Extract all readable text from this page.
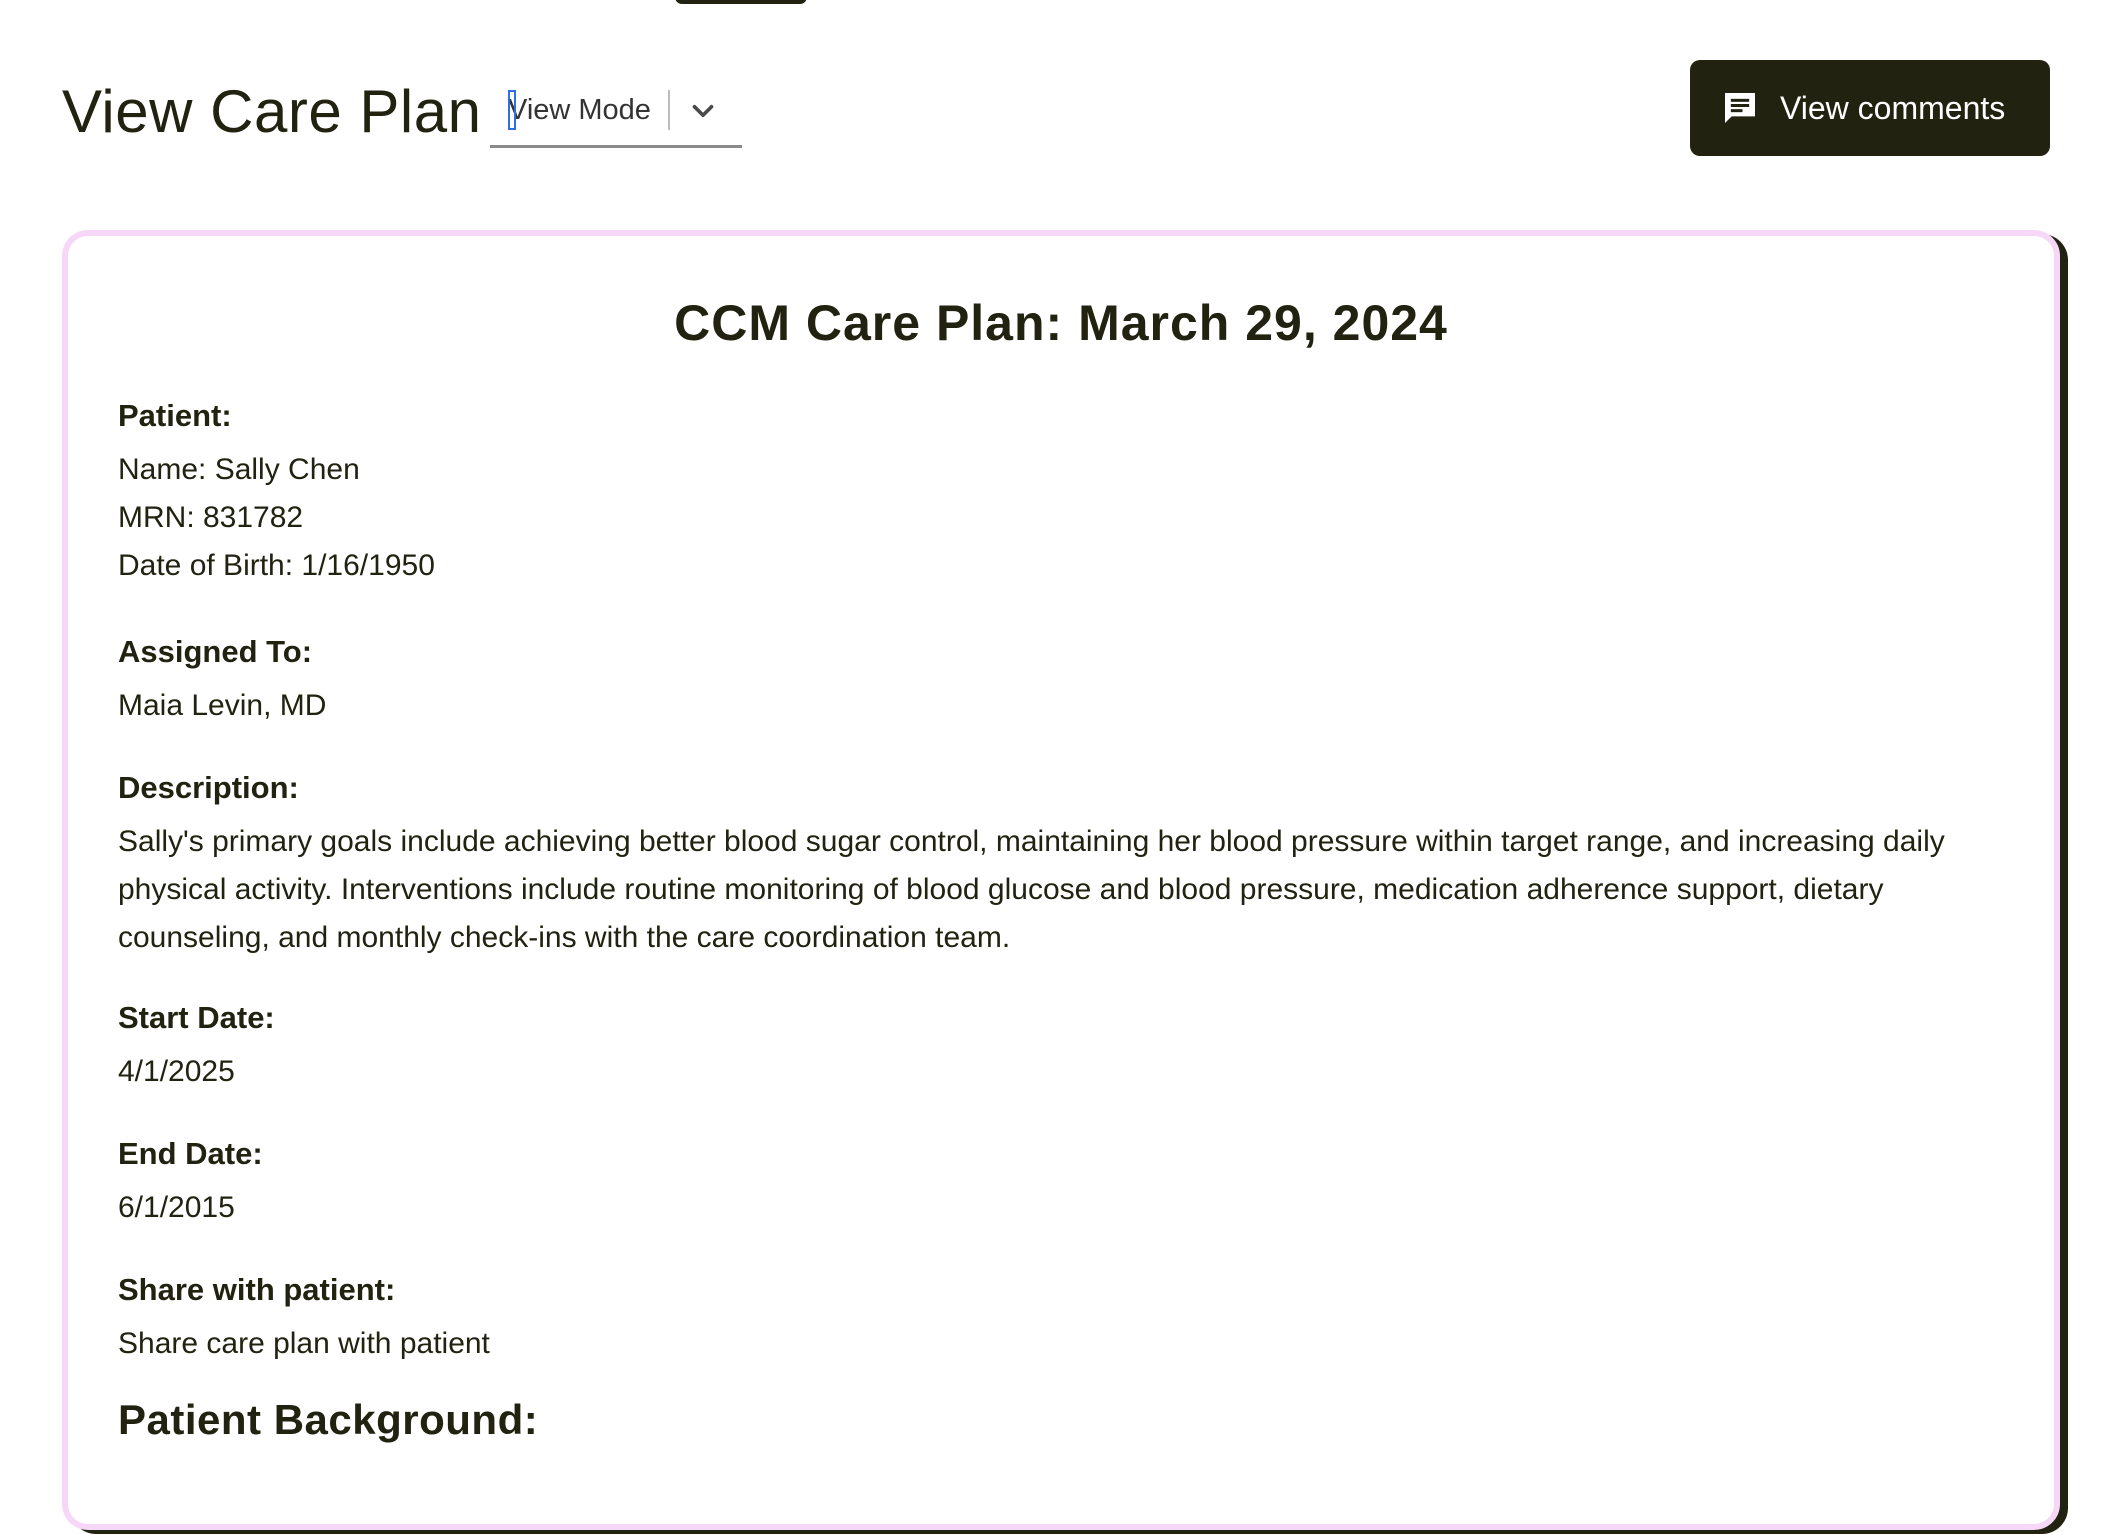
View Care Plan View Mode	View comments
CCM Care Plan: March 29, 2024

Patient:

Name: Sally Chen

MRN: 831782

Date of Birth: 1/16/1950

Assigned To:

Maia Levin, MD

Description:

Sally's primary goals include achieving better blood sugar control, maintaining her blood pressure within target range, and increasing daily physical activity. Interventions include routine monitoring of blood glucose and blood pressure, medication adherence support, dietary counseling, and monthly check-ins with the care coordination team.

Start Date:

4/1/2025

End Date:

6/1/2015

Share with patient:

Share care plan with patient

Patient Background:
